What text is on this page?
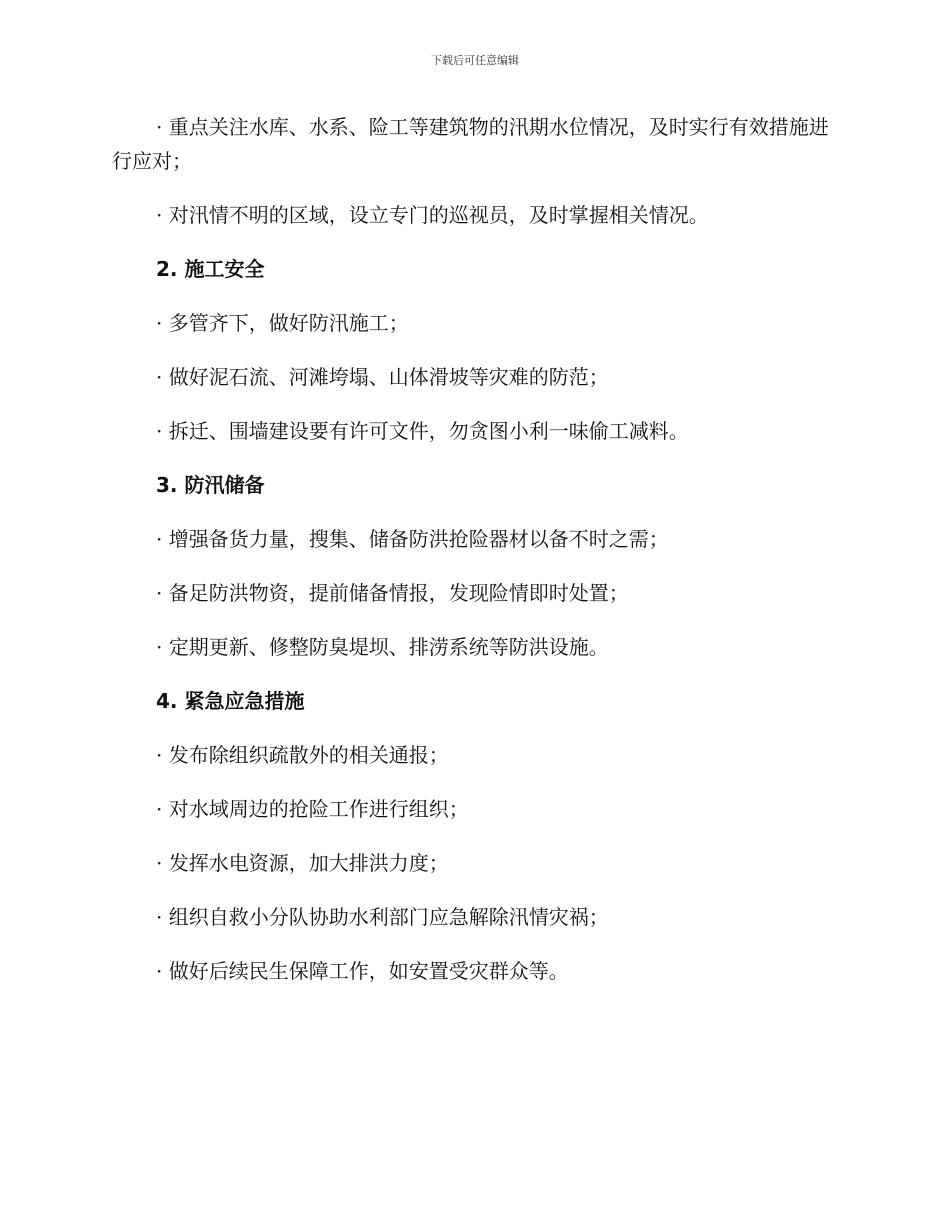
下载后可任意编辑

· 重点关注水库、水系、险工等建筑物的汛期水位情况，及时实行有效措施进行应对；

· 对汛情不明的区域，设立专门的巡视员，及时掌握相关情况。

2. 施工安全

· 多管齐下，做好防汛施工；

· 做好泥石流、河滩垮塌、山体滑坡等灾难的防范；

· 拆迁、围墙建设要有许可文件，勿贪图小利一味偷工减料。

3. 防汛储备

· 增强备货力量，搜集、储备防洪抢险器材以备不时之需；

· 备足防洪物资，提前储备情报，发现险情即时处置；

· 定期更新、修整防臭堤坝、排涝系统等防洪设施。

4. 紧急应急措施

· 发布除组织疏散外的相关通报；

· 对水域周边的抢险工作进行组织；

· 发挥水电资源，加大排洪力度；

· 组织自救小分队协助水利部门应急解除汛情灾祸；

· 做好后续民生保障工作，如安置受灾群众等。
